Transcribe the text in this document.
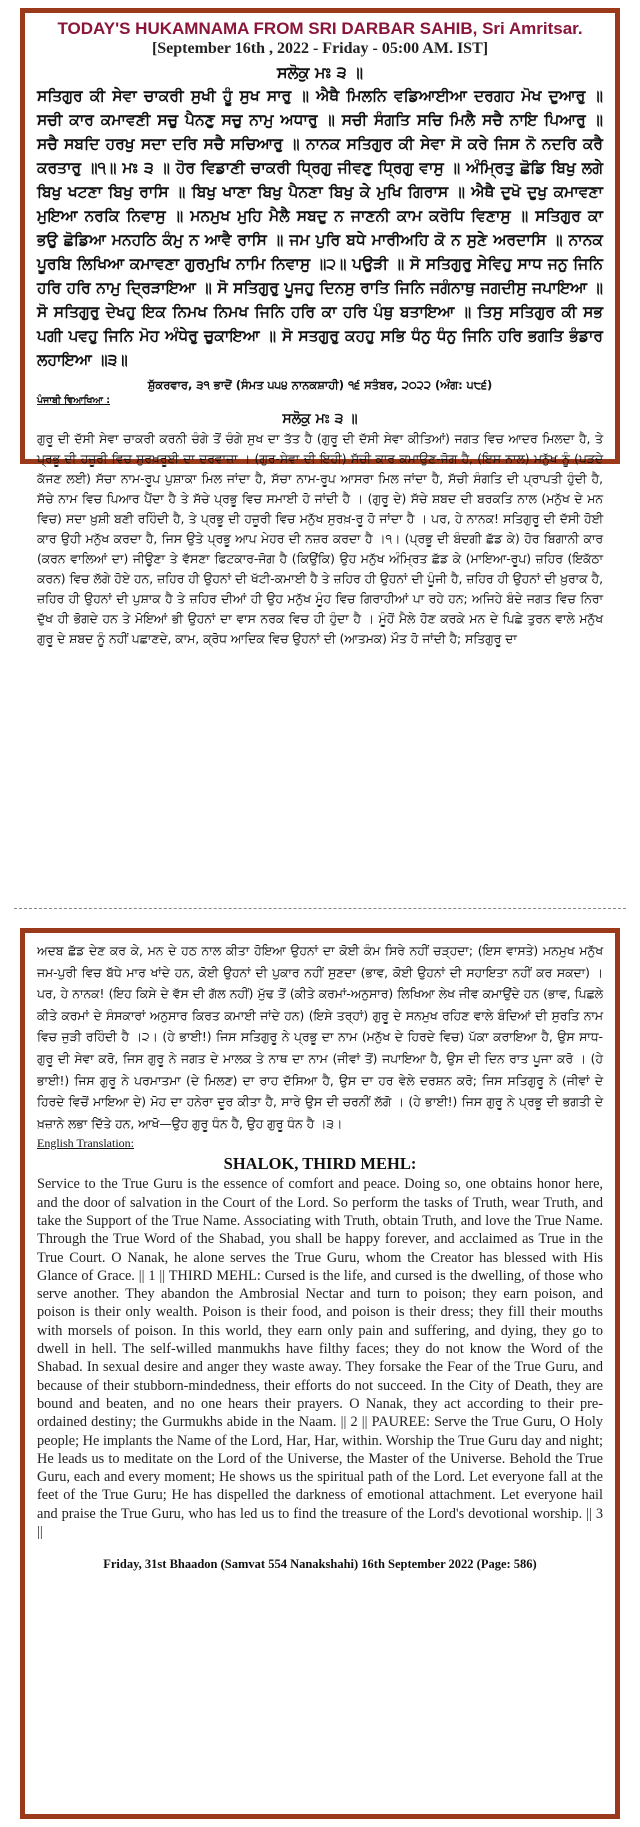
TODAY'S HUKAMNAMA FROM SRI DARBAR SAHIB, Sri Amritsar.
[September 16th , 2022 - Friday - 05:00 AM. IST]
ਸਲੋਕੁ ਮਃ ੩ ॥

ਸਤਿਗੁਰ ਕੀ ਸੇਵਾ ਚਾਕਰੀ ਸੁਖੀ ਹੂੰ ਸੁਖ ਸਾਰੁ ॥ ਐਥੈ ਮਿਲਨਿ ਵਡਿਆਈਆ ਦਰਗਹ ਮੋਖ ਦੁਆਰੁ ॥ ਸਚੀ ਕਾਰ ਕਮਾਵਣੀ ਸਚੁ ਪੈਨਣੁ ਸਚੁ ਨਾਮੁ ਅਧਾਰੁ ॥ ਸਚੀ ਸੰਗਤਿ ਸਚਿ ਮਿਲੈ ਸਚੈ ਨਾਇ ਪਿਆਰੁ ॥ ਸਚੈ ਸਬਦਿ ਹਰਖੁ ਸਦਾ ਦਰਿ ਸਚੈ ਸਚਿਆਰੁ ॥ ਨਾਨਕ ਸਤਿਗੁਰ ਕੀ ਸੇਵਾ ਸੋ ਕਰੇ ਜਿਸ ਨੋ ਨਦਰਿ ਕਰੈ ਕਰਤਾਰੁ ॥੧॥ ਮਃ ੩ ॥ ਹੋਰ ਵਿਡਾਣੀ ਚਾਕਰੀ ਧ੍ਰਿਗੁ ਜੀਵਣੁ ਧ੍ਰਿਗੁ ਵਾਸੁ ॥ ਅੰਮ੍ਰਿਤੁ ਛੋਡਿ ਬਿਖੁ ਲਗੇ ਬਿਖੁ ਖਟਣਾ ਬਿਖੁ ਰਾਸਿ ॥ ਬਿਖੁ ਖਾਣਾ ਬਿਖੁ ਪੈਨਣਾ ਬਿਖੁ ਕੇ ਮੁਖਿ ਗਿਰਾਸ ॥ ਐਥੈ ਦੁਖੋ ਦੁਖੁ ਕਮਾਵਣਾ ਮੁਇਆ ਨਰਕਿ ਨਿਵਾਸੁ ॥ ਮਨਮੁਖ ਮੁਹਿ ਮੈਲੈ ਸਬਦੁ ਨ ਜਾਣਨੀ ਕਾਮ ਕਰੋਧਿ ਵਿਣਾਸੁ ॥ ਸਤਿਗੁਰ ਕਾ ਭਉ ਛੋਡਿਆ ਮਨਹਠਿ ਕੰਮੁ ਨ ਆਵੈ ਰਾਸਿ ॥ ਜਮ ਪੁਰਿ ਬਧੇ ਮਾਰੀਅਹਿ ਕੋ ਨ ਸੁਣੇ ਅਰਦਾਸਿ ॥ ਨਾਨਕ ਪੂਰਬਿ ਲਿਖਿਆ ਕਮਾਵਣਾ ਗੁਰਮੁਖਿ ਨਾਮਿ ਨਿਵਾਸੁ ॥੨॥ ਪਉੜੀ ॥ ਸੋ ਸਤਿਗੁਰੁ ਸੇਵਿਹੁ ਸਾਧ ਜਨੁ ਜਿਨਿ ਹਰਿ ਹਰਿ ਨਾਮੁ ਦ੍ਰਿੜਾਇਆ ॥ ਸੋ ਸਤਿਗੁਰੁ ਪੂਜਹੁ ਦਿਨਸੁ ਰਾਤਿ ਜਿਨਿ ਜਗੰਨਾਥੁ ਜਗਦੀਸੁ ਜਪਾਇਆ ॥ ਸੋ ਸਤਿਗੁਰੁ ਦੇਖਹੁ ਇਕ ਨਿਮਖ ਨਿਮਖ ਜਿਨਿ ਹਰਿ ਕਾ ਹਰਿ ਪੰਥੁ ਬਤਾਇਆ ॥ ਤਿਸੁ ਸਤਿਗੁਰ ਕੀ ਸਭ ਪਗੀ ਪਵਹੁ ਜਿਨਿ ਮੋਹ ਅੰਧੇਰੁ ਚੁਕਾਇਆ ॥ ਸੋ ਸਤਗੁਰੁ ਕਹਹੁ ਸਭਿ ਧੰਨੁ ਧੰਨੁ ਜਿਨਿ ਹਰਿ ਭਗਤਿ ਭੰਡਾਰ ਲਹਾਇਆ ॥੩॥

ਸ਼ੁੱਕਰਵਾਰ, ੩੧ ਭਾਦੋਂ (ਸੰਮਤ ੫੫੪ ਨਾਨਕਸ਼ਾਹੀ) ੧੬ ਸਤੰਬਰ, ੨੦੨੨ (ਅੰਗ: ੫੮੬)
ਪੰਜਾਬੀ ਵਿਆਖਿਆ :
ਸਲੋਕੁ ਮਃ ੩ ॥

ਗੁਰੂ ਦੀ ਦੱਸੀ ਸੇਵਾ ਚਾਕਰੀ ਕਰਨੀ ਚੰਗੇ ਤੋਂ ਚੰਗੇ ਸੁਖ ਦਾ ਤੱਤ ਹੈ (ਗੁਰੂ ਦੀ ਦੱਸੀ ਸੇਵਾ ਕੀਤਿਆਂ) ਜਗਤ ਵਿਚ ਆਦਰ ਮਿਲਦਾ ਹੈ, ਤੇ ਪ੍ਰਭੂ ਦੀ ਹਜ਼ੂਰੀ ਵਿਚ ਸੁਰਖ਼ਰੂਈ ਦਾ ਦਰਵਾਜ਼ਾ । (ਗੁਰ-ਸੇਵਾ ਦੀ ਇਹੀ) ਸੱਚੀ ਕਾਰ ਕਮਾਉਣ-ਜੋਗ ਹੈ, (ਇਸ ਨਾਲ) ਮਨੁੱਖ ਨੂੰ (ਪੜਦੇ ਕੱਜਣ ਲਈ) ਸੱਚਾ ਨਾਮ-ਰੂਪ ਪੁਸ਼ਾਕਾ ਮਿਲ ਜਾਂਦਾ ਹੈ, ਸੱਚਾ ਨਾਮ-ਰੂਪ ਆਸਰਾ ਮਿਲ ਜਾਂਦਾ ਹੈ, ਸੱਚੀ ਸੰਗਤਿ ਦੀ ਪ੍ਰਾਪਤੀ ਹੁੰਦੀ ਹੈ, ਸੱਚੇ ਨਾਮ ਵਿਚ ਪਿਆਰ ਪੈਂਦਾ ਹੈ ਤੇ ਸੱਚੇ ਪ੍ਰਭੂ ਵਿਚ ਸਮਾਈ ਹੋ ਜਾਂਦੀ ਹੈ । (ਗੁਰੂ ਦੇ) ਸੱਚੇ ਸ਼ਬਦ ਦੀ ਬਰਕਤਿ ਨਾਲ (ਮਨੁੱਖ ਦੇ ਮਨ ਵਿਚ) ਸਦਾ ਖ਼ੁਸ਼ੀ ਬਣੀ ਰਹਿੰਦੀ ਹੈ, ਤੇ ਪ੍ਰਭੂ ਦੀ ਹਜ਼ੂਰੀ ਵਿਚ ਮਨੁੱਖ ਸੁਰਖ਼-ਰੂ ਹੋ ਜਾਂਦਾ ਹੈ । ਪਰ, ਹੇ ਨਾਨਕ! ਸਤਿਗੁਰੂ ਦੀ ਦੱਸੀ ਹੋਈ ਕਾਰ ਉਹੀ ਮਨੁੱਖ ਕਰਦਾ ਹੈ, ਜਿਸ ਉਤੇ ਪ੍ਰਭੂ ਆਪ ਮੇਹਰ ਦੀ ਨਜ਼ਰ ਕਰਦਾ ਹੈ ।੧। (ਪ੍ਰਭੂ ਦੀ ਬੰਦਗੀ ਛੱਡ ਕੇ) ਹੋਰ ਬਿਗਾਨੀ ਕਾਰ (ਕਰਨ ਵਾਲਿਆਂ ਦਾ) ਜੀਊਣਾ ਤੇ ਵੱਸਣਾ ਫਿਟਕਾਰ-ਜੋਗ ਹੈ (ਕਿਉਂਕਿ) ਉਹ ਮਨੁੱਖ ਅੰਮ੍ਰਿਤ ਛੱਡ ਕੇ (ਮਾਇਆ-ਰੂਪ) ਜ਼ਹਿਰ (ਇਕੱਠਾ ਕਰਨ) ਵਿਚ ਲੱਗੇ ਹੋਏ ਹਨ, ਜ਼ਹਿਰ ਹੀ ਉਹਨਾਂ ਦੀ ਖੱਟੀ-ਕਮਾਈ ਹੈ ਤੇ ਜ਼ਹਿਰ ਹੀ ਉਹਨਾਂ ਦੀ ਪੂੰਜੀ ਹੈ, ਜ਼ਹਿਰ ਹੀ ਉਹਨਾਂ ਦੀ ਖ਼ੁਰਾਕ ਹੈ, ਜ਼ਹਿਰ ਹੀ ਉਹਨਾਂ ਦੀ ਪੁਸ਼ਾਕ ਹੈ ਤੇ ਜ਼ਹਿਰ ਦੀਆਂ ਹੀ ਉਹ ਮਨੁੱਖ ਮੂੰਹ ਵਿਚ ਗਿਰਾਹੀਆਂ ਪਾ ਰਹੇ ਹਨ; ਅਜਿਹੇ ਬੰਦੇ ਜਗਤ ਵਿਚ ਨਿਰਾ ਦੁੱਖ ਹੀ ਭੋਗਦੇ ਹਨ ਤੇ ਮੋਇਆਂ ਭੀ ਉਹਨਾਂ ਦਾ ਵਾਸ ਨਰਕ ਵਿਚ ਹੀ ਹੁੰਦਾ ਹੈ । ਮੂੰਹੋਂ ਮੈਲੇ ਹੋਣ ਕਰਕੇ ਮਨ ਦੇ ਪਿਛੇ ਤੁਰਨ ਵਾਲੇ ਮਨੁੱਖ ਗੁਰੂ ਦੇ ਸ਼ਬਦ ਨੂੰ ਨਹੀਂ ਪਛਾਣਦੇ, ਕਾਮ, ਕ੍ਰੋਧ ਆਦਿਕ ਵਿਚ ਉਹਨਾਂ ਦੀ (ਆਤਮਕ) ਮੌਤ ਹੋ ਜਾਂਦੀ ਹੈ; ਸਤਿਗੁਰੂ ਦਾ

ਅਦਬ ਛੱਡ ਦੇਣ ਕਰ ਕੇ, ਮਨ ਦੇ ਹਠ ਨਾਲ ਕੀਤਾ ਹੋਇਆ ਉਹਨਾਂ ਦਾ ਕੋਈ ਕੰਮ ਸਿਰੇ ਨਹੀਂ ਚੜ੍ਹਦਾ; (ਇਸ ਵਾਸਤੇ) ਮਨਮੁਖ ਮਨੁੱਖ ਜਮ-ਪੁਰੀ ਵਿਚ ਬੱਧੇ ਮਾਰ ਖਾਂਦੇ ਹਨ, ਕੋਈ ਉਹਨਾਂ ਦੀ ਪੁਕਾਰ ਨਹੀਂ ਸੁਣਦਾ (ਭਾਵ, ਕੋਈ ਉਹਨਾਂ ਦੀ ਸਹਾਇਤਾ ਨਹੀਂ ਕਰ ਸਕਦਾ) । ਪਰ, ਹੇ ਨਾਨਕ! (ਇਹ ਕਿਸੇ ਦੇ ਵੱਸ ਦੀ ਗੱਲ ਨਹੀਂ) ਮੁੱਢ ਤੋਂ (ਕੀਤੇ ਕਰਮਾਂ-ਅਨੁਸਾਰ) ਲਿਖਿਆ ਲੇਖ ਜੀਵ ਕਮਾਉਂਦੇ ਹਨ (ਭਾਵ, ਪਿਛਲੇ ਕੀਤੇ ਕਰਮਾਂ ਦੇ ਸੰਸਕਾਰਾਂ ਅਨੁਸਾਰ ਕਿਰਤ ਕਮਾਈ ਜਾਂਦੇ ਹਨ) (ਇਸੇ ਤਰ੍ਹਾਂ) ਗੁਰੂ ਦੇ ਸਨਮੁਖ ਰਹਿਣ ਵਾਲੇ ਬੰਦਿਆਂ ਦੀ ਸੁਰਤਿ ਨਾਮ ਵਿਚ ਜੁੜੀ ਰਹਿੰਦੀ ਹੈ ।੨। (ਹੇ ਭਾਈ!) ਜਿਸ ਸਤਿਗੁਰੂ ਨੇ ਪ੍ਰਭੂ ਦਾ ਨਾਮ (ਮਨੁੱਖ ਦੇ ਹਿਰਦੇ ਵਿਚ) ਪੱਕਾ ਕਰਾਇਆ ਹੈ, ਉਸ ਸਾਧ-ਗੁਰੂ ਦੀ ਸੇਵਾ ਕਰੋ, ਜਿਸ ਗੁਰੂ ਨੇ ਜਗਤ ਦੇ ਮਾਲਕ ਤੇ ਨਾਥ ਦਾ ਨਾਮ (ਜੀਵਾਂ ਤੋਂ) ਜਪਾਇਆ ਹੈ, ਉਸ ਦੀ ਦਿਨ ਰਾਤ ਪੂਜਾ ਕਰੋ । (ਹੇ ਭਾਈ!) ਜਿਸ ਗੁਰੂ ਨੇ ਪਰਮਾਤਮਾ (ਦੇ ਮਿਲਣ) ਦਾ ਰਾਹ ਦੱਸਿਆ ਹੈ, ਉਸ ਦਾ ਹਰ ਵੇਲੇ ਦਰਸ਼ਨ ਕਰੋ; ਜਿਸ ਸਤਿਗੁਰੂ ਨੇ (ਜੀਵਾਂ ਦੇ ਹਿਰਦੇ ਵਿਚੋਂ ਮਾਇਆ ਦੇ) ਮੋਹ ਦਾ ਹਨੇਰਾ ਦੂਰ ਕੀਤਾ ਹੈ, ਸਾਰੇ ਉਸ ਦੀ ਚਰਨੀਂ ਲੱਗੋ । (ਹੇ ਭਾਈ!) ਜਿਸ ਗੁਰੂ ਨੇ ਪ੍ਰਭੂ ਦੀ ਭਗਤੀ ਦੇ ਖ਼ਜ਼ਾਨੇ ਲਭਾ ਦਿੱਤੇ ਹਨ, ਆਖੋ—ਉਹ ਗੁਰੂ ਧੰਨ ਹੈ, ਉਹ ਗੁਰੂ ਧੰਨ ਹੈ ।੩।

English Translation:
SHALOK, THIRD MEHL:

Service to the True Guru is the essence of comfort and peace. Doing so, one obtains honor here, and the door of salvation in the Court of the Lord. So perform the tasks of Truth, wear Truth, and take the Support of the True Name. Associating with Truth, obtain Truth, and love the True Name. Through the True Word of the Shabad, you shall be happy forever, and acclaimed as True in the True Court. O Nanak, he alone serves the True Guru, whom the Creator has blessed with His Glance of Grace. || 1 || THIRD MEHL: Cursed is the life, and cursed is the dwelling, of those who serve another. They abandon the Ambrosial Nectar and turn to poison; they earn poison, and poison is their only wealth. Poison is their food, and poison is their dress; they fill their mouths with morsels of poison. In this world, they earn only pain and suffering, and dying, they go to dwell in hell. The self-willed manmukhs have filthy faces; they do not know the Word of the Shabad. In sexual desire and anger they waste away. They forsake the Fear of the True Guru, and because of their stubborn-mindedness, their efforts do not succeed. In the City of Death, they are bound and beaten, and no one hears their prayers. O Nanak, they act according to their pre-ordained destiny; the Gurmukhs abide in the Naam. || 2 || PAUREE: Serve the True Guru, O Holy people; He implants the Name of the Lord, Har, Har, within. Worship the True Guru day and night; He leads us to meditate on the Lord of the Universe, the Master of the Universe. Behold the True Guru, each and every moment; He shows us the spiritual path of the Lord. Let everyone fall at the feet of the True Guru; He has dispelled the darkness of emotional attachment. Let everyone hail and praise the True Guru, who has led us to find the treasure of the Lord's devotional worship. || 3 ||

Friday, 31st Bhaadon (Samvat 554 Nanakshahi) 16th September 2022 (Page: 586)
